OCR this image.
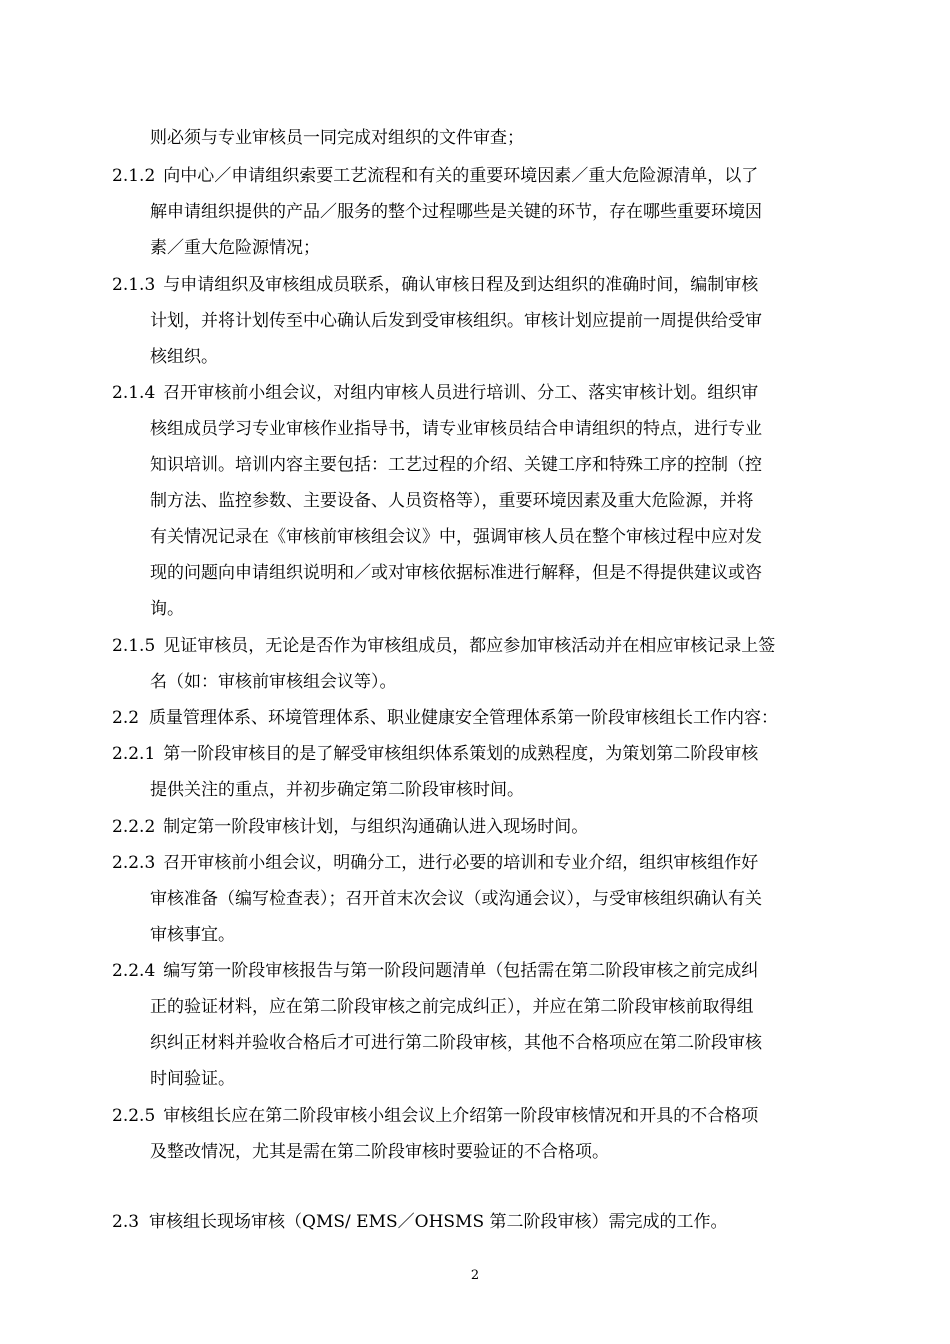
则必须与专业审核员一同完成对组织的文件审查；
2.1.2 向中心／申请组织索要工艺流程和有关的重要环境因素／重大危险源清单，以了
解申请组织提供的产品／服务的整个过程哪些是关键的环节，存在哪些重要环境因
素／重大危险源情况；
2.1.3 与申请组织及审核组成员联系，确认审核日程及到达组织的准确时间，编制审核
计划，并将计划传至中心确认后发到受审核组织。审核计划应提前一周提供给受审
核组织。
2.1.4 召开审核前小组会议，对组内审核人员进行培训、分工、落实审核计划。组织审
核组成员学习专业审核作业指导书，请专业审核员结合申请组织的特点，进行专业
知识培训。培训内容主要包括：工艺过程的介绍、关键工序和特殊工序的控制（控
制方法、监控参数、主要设备、人员资格等），重要环境因素及重大危险源，并将
有关情况记录在《审核前审核组会议》中，强调审核人员在整个审核过程中应对发
现的问题向申请组织说明和／或对审核依据标准进行解释，但是不得提供建议或咨
询。
2.1.5 见证审核员，无论是否作为审核组成员，都应参加审核活动并在相应审核记录上签
名（如：审核前审核组会议等）。
2.2 质量管理体系、环境管理体系、职业健康安全管理体系第一阶段审核组长工作内容：
2.2.1 第一阶段审核目的是了解受审核组织体系策划的成熟程度，为策划第二阶段审核
提供关注的重点，并初步确定第二阶段审核时间。
2.2.2 制定第一阶段审核计划，与组织沟通确认进入现场时间。
2.2.3 召开审核前小组会议，明确分工，进行必要的培训和专业介绍，组织审核组作好
审核准备（编写检查表）；召开首末次会议（或沟通会议），与受审核组织确认有关
审核事宜。
2.2.4 编写第一阶段审核报告与第一阶段问题清单（包括需在第二阶段审核之前完成纠
正的验证材料，应在第二阶段审核之前完成纠正），并应在第二阶段审核前取得组
织纠正材料并验收合格后才可进行第二阶段审核，其他不合格项应在第二阶段审核
时间验证。
2.2.5 审核组长应在第二阶段审核小组会议上介绍第一阶段审核情况和开具的不合格项
及整改情况，尤其是需在第二阶段审核时要验证的不合格项。
2.3 审核组长现场审核（QMS/ EMS／OHSMS 第二阶段审核）需完成的工作。
2
